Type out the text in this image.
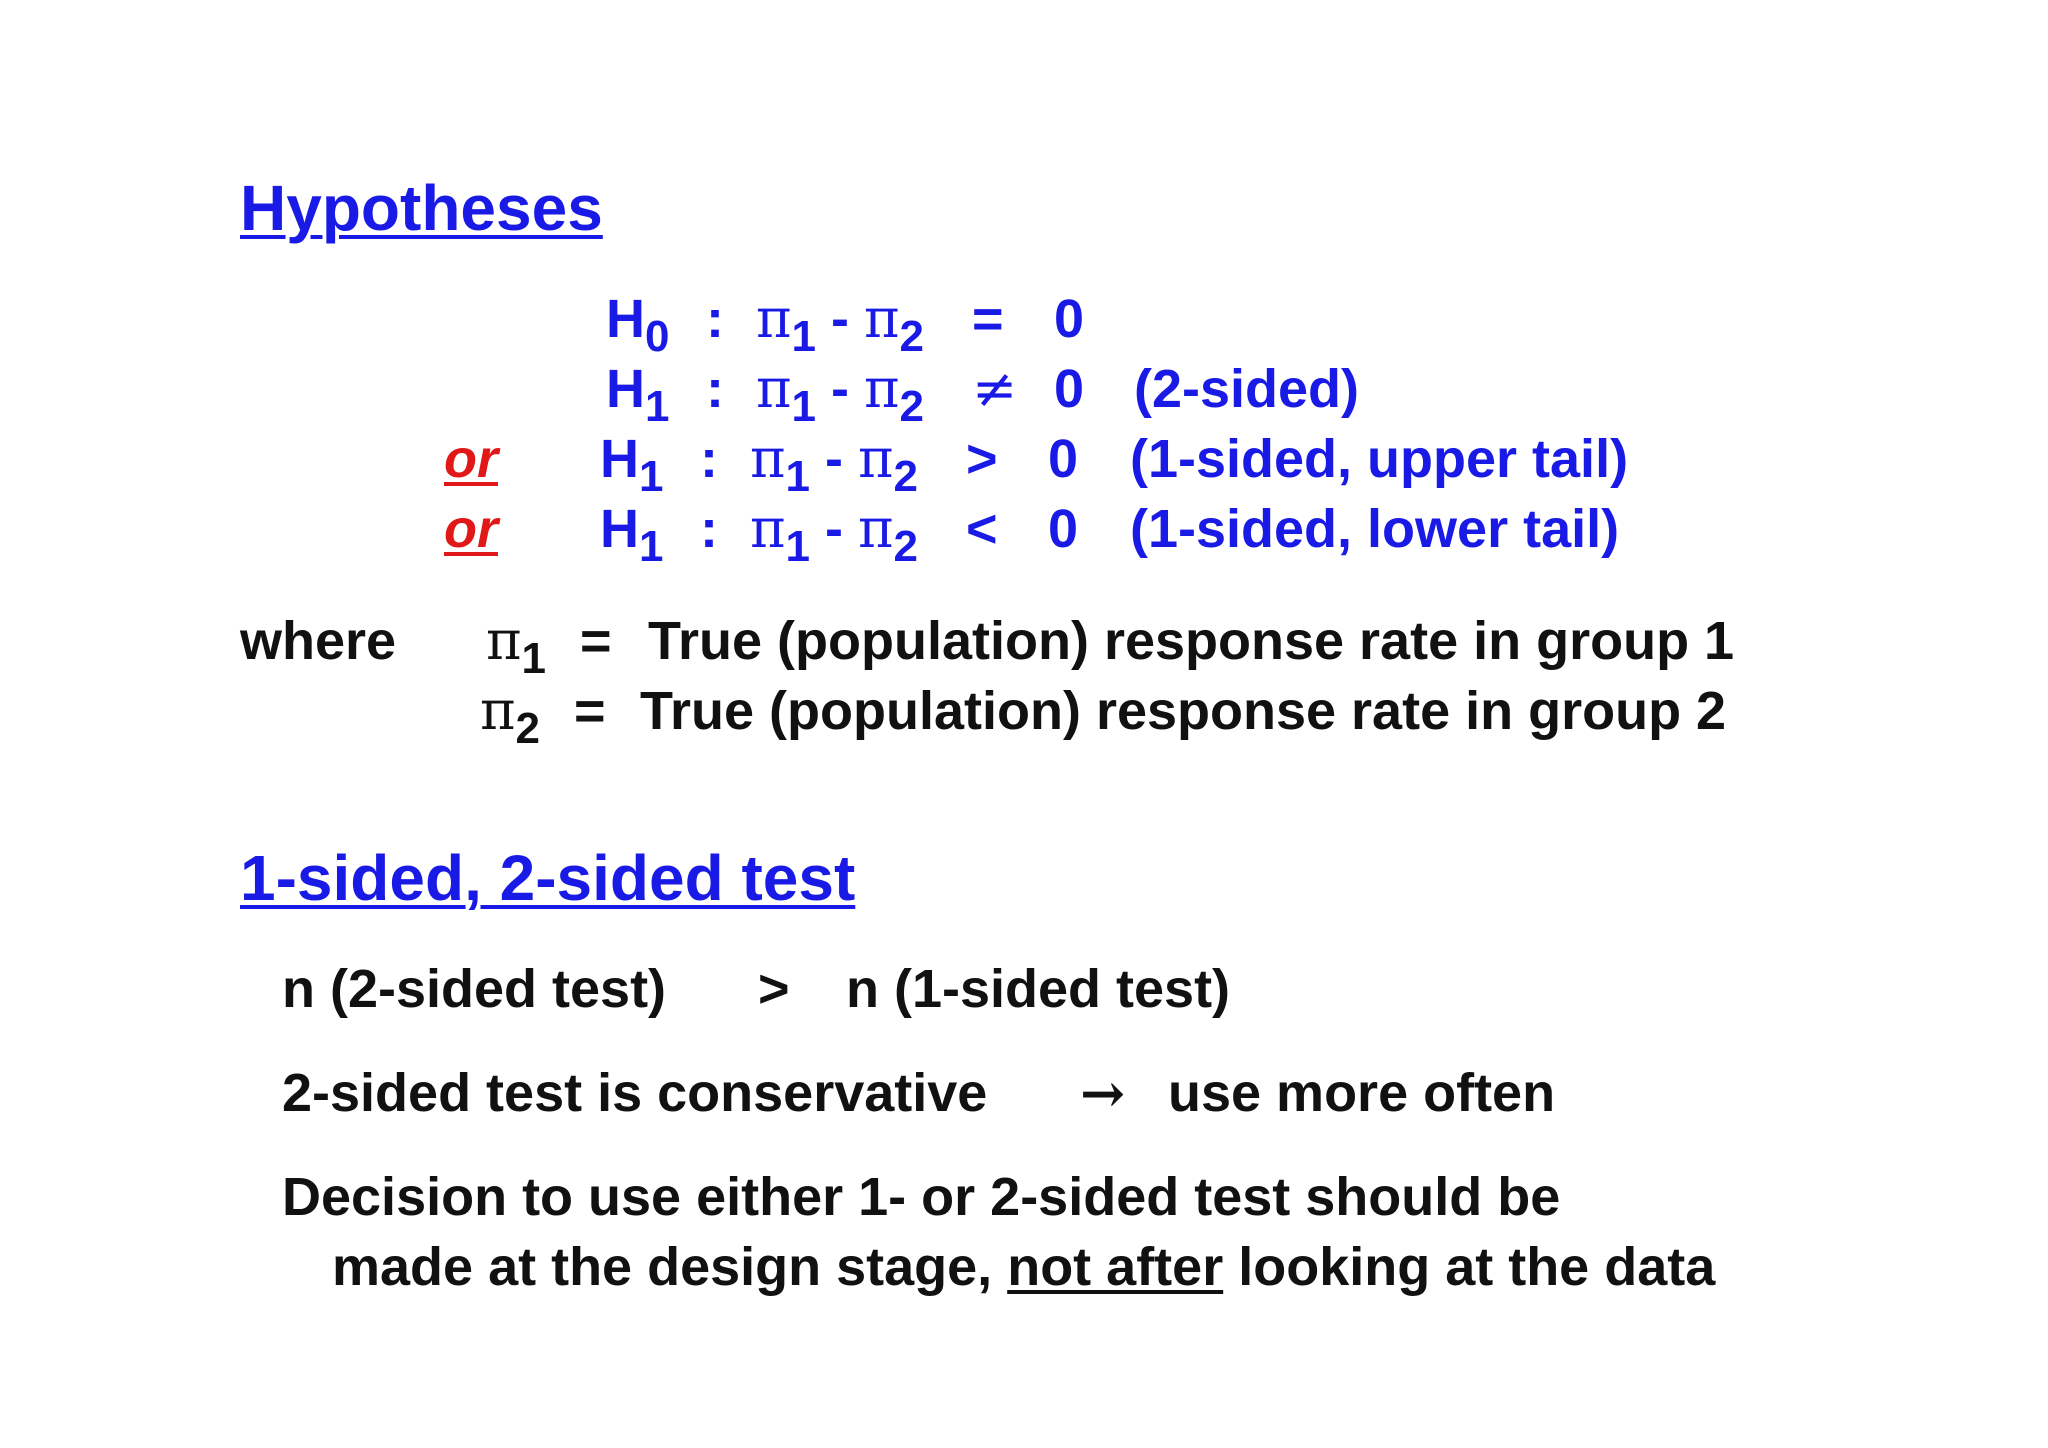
Hypotheses
$H_0$ : $\pi_1 - \pi_2 = 0$
$H_1$ : $\pi_1 - \pi_2 \ne 0$ (2-sided)
or $H_1$ : $\pi_1 - \pi_2 > 0$ (1-sided, upper tail)
or $H_1$ : $\pi_1 - \pi_2 < 0$ (1-sided, lower tail)
where $\pi_1$ = True (population) response rate in group 1
$\pi_2$ = True (population) response rate in group 2
1-sided, 2-sided test
n (2-sided test) > n (1-sided test)
2-sided test is conservative → use more often
Decision to use either 1- or 2-sided test should be
made at the design stage, not after looking at the data
